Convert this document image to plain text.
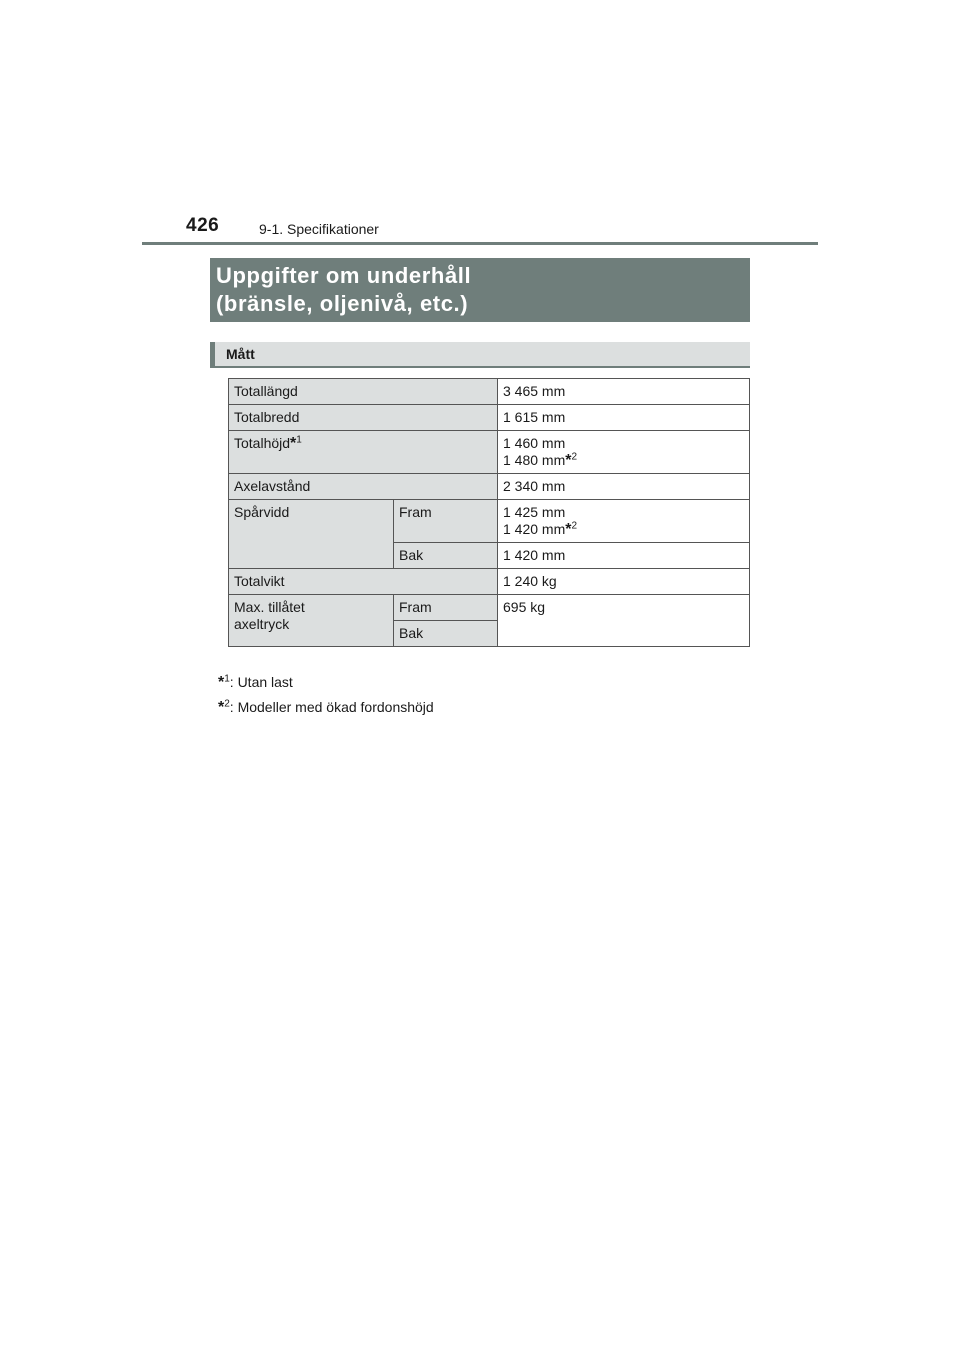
426	9-1. Specifikationer
Uppgifter om underhåll
(bränsle, oljenivå, etc.)
Mått
Totallängd		3 465 mm
Totalbredd		1 615 mm
Totalhöjd*$^1$		1 460 mm
1 480 mm*$^2$
Axelavstånd		2 340 mm
Spårvidd	Fram	1 425 mm
1 420 mm*$^2$
	Bak	1 420 mm
Totalvikt		1 240 kg
Max. tillåtet
axeltryck	Fram	695 kg
	Bak	
*$^1$: Utan last
*$^2$: Modeller med ökad fordonshöjd
